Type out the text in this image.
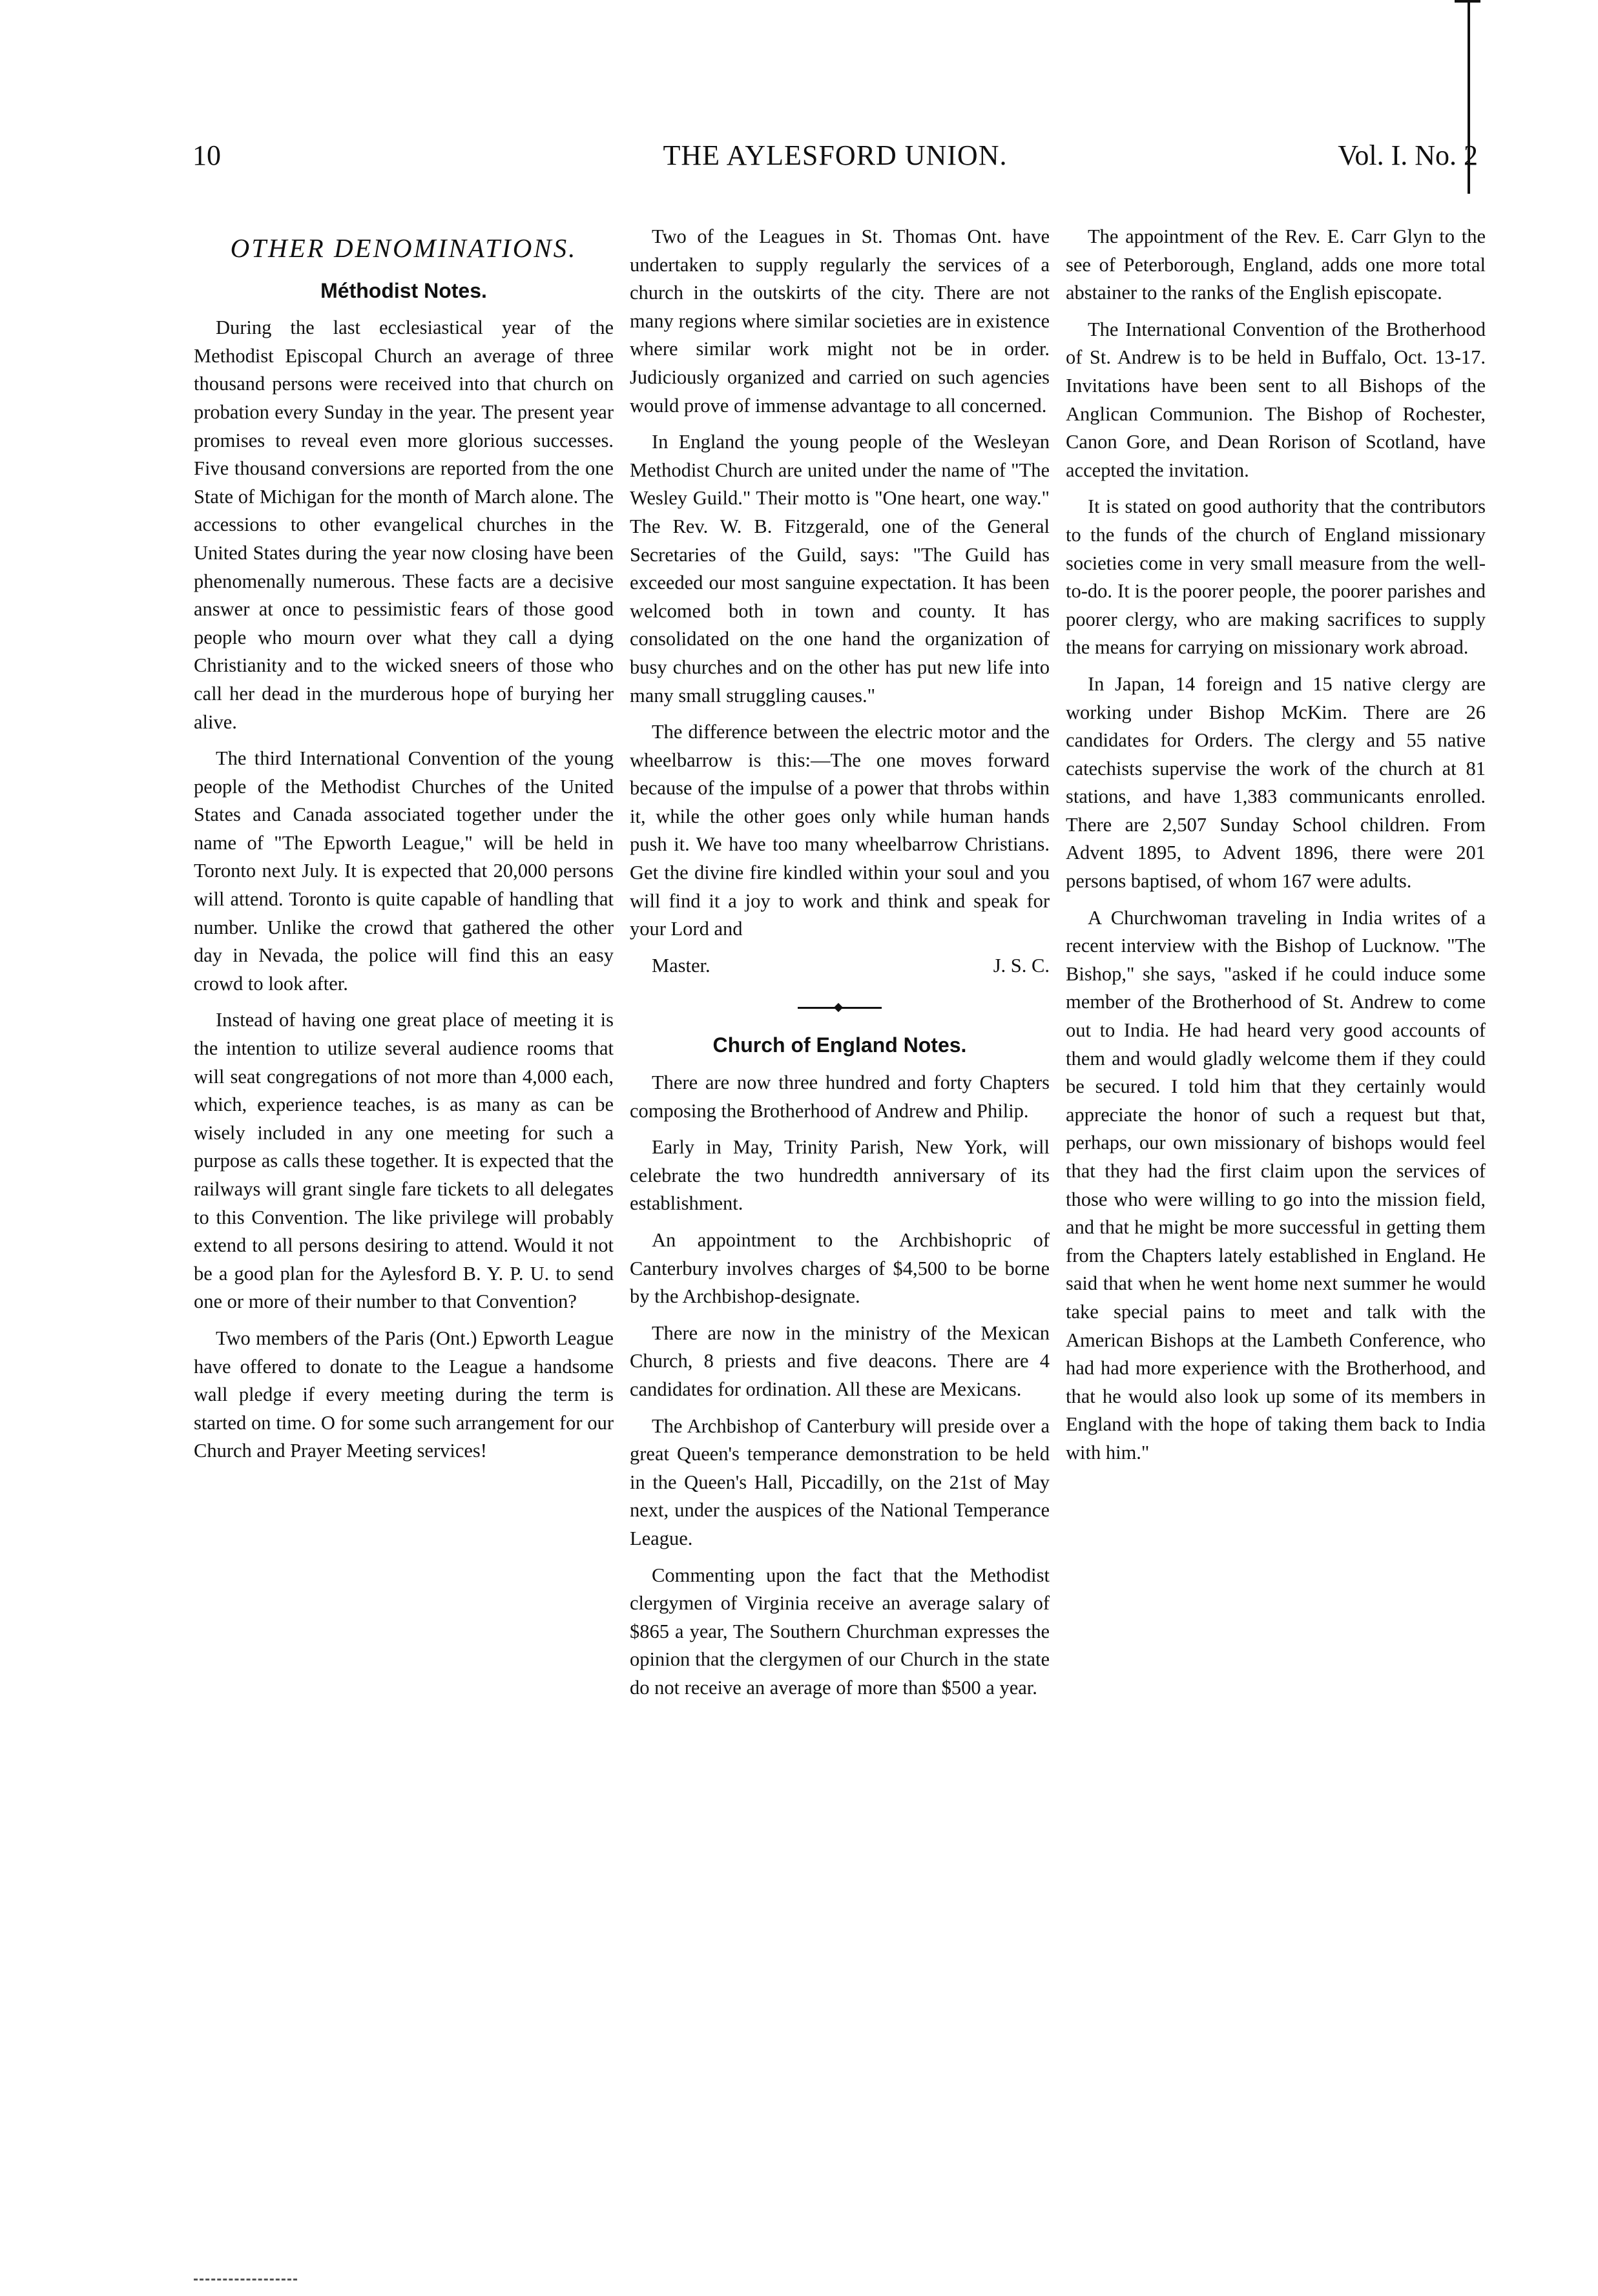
10	THE AYLESFORD UNION.	Vol. I. No. 2
OTHER DENOMINATIONS.
Méthodist Notes.

During the last ecclesiastical year of the Methodist Episcopal Church an average of three thousand persons were received into that church on probation every Sunday in the year. The present year promises to reveal even more glorious successes. Five thousand conversions are reported from the one State of Michigan for the month of March alone. The accessions to other evangelical churches in the United States during the year now closing have been phenomenally numerous. These facts are a decisive answer at once to pessimistic fears of those good people who mourn over what they call a dying Christianity and to the wicked sneers of those who call her dead in the murderous hope of burying her alive.

The third International Convention of the young people of the Methodist Churches of the United States and Canada associated together under the name of "The Epworth League," will be held in Toronto next July. It is expected that 20,000 persons will attend. Toronto is quite capable of handling that number. Unlike the crowd that gathered the other day in Nevada, the police will find this an easy crowd to look after.

Instead of having one great place of meeting it is the intention to utilize several audience rooms that will seat congregations of not more than 4,000 each, which, experience teaches, is as many as can be wisely included in any one meeting for such a purpose as calls these together. It is expected that the railways will grant single fare tickets to all delegates to this Convention. The like privilege will probably extend to all persons desiring to attend. Would it not be a good plan for the Aylesford B. Y. P. U. to send one or more of their number to that Convention?

Two members of the Paris (Ont.) Epworth League have offered to donate to the League a handsome wall pledge if every meeting during the term is started on time. O for some such arrangement for our Church and Prayer Meeting services!

Two of the Leagues in St. Thomas Ont. have undertaken to supply regularly the services of a church in the outskirts of the city. There are not many regions where similar societies are in existence where similar work might not be in order. Judiciously organized and carried on such agencies would prove of immense advantage to all concerned.

In England the young people of the Wesleyan Methodist Church are united under the name of "The Wesley Guild." Their motto is "One heart, one way." The Rev. W. B. Fitzgerald, one of the General Secretaries of the Guild, says: "The Guild has exceeded our most sanguine expectation. It has been welcomed both in town and county. It has consolidated on the one hand the organization of busy churches and on the other has put new life into many small struggling causes."

The difference between the electric motor and the wheelbarrow is this:—The one moves forward because of the impulse of a power that throbs within it, while the other goes only while human hands push it. We have too many wheelbarrow Christians. Get the divine fire kindled within your soul and you will find it a joy to work and think and speak for your Lord and

Master.	J. S. C.
Church of England Notes.

There are now three hundred and forty Chapters composing the Brotherhood of Andrew and Philip.

Early in May, Trinity Parish, New York, will celebrate the two hundredth anniversary of its establishment.

An appointment to the Archbishopric of Canterbury involves charges of $4,500 to be borne by the Archbishop-designate.

There are now in the ministry of the Mexican Church, 8 priests and five deacons. There are 4 candidates for ordination. All these are Mexicans.

The Archbishop of Canterbury will preside over a great Queen's temperance demonstration to be held in the Queen's Hall, Piccadilly, on the 21st of May next, under the auspices of the National Temperance League.

Commenting upon the fact that the Methodist clergymen of Virginia receive an average salary of $865 a year, The Southern Churchman expresses the opinion that the clergymen of our Church in the state do not receive an average of more than $500 a year.

The appointment of the Rev. E. Carr Glyn to the see of Peterborough, England, adds one more total abstainer to the ranks of the English episcopate.

The International Convention of the Brotherhood of St. Andrew is to be held in Buffalo, Oct. 13-17. Invitations have been sent to all Bishops of the Anglican Communion. The Bishop of Rochester, Canon Gore, and Dean Rorison of Scotland, have accepted the invitation.

It is stated on good authority that the contributors to the funds of the church of England missionary societies come in very small measure from the well-to-do. It is the poorer people, the poorer parishes and poorer clergy, who are making sacrifices to supply the means for carrying on missionary work abroad.

In Japan, 14 foreign and 15 native clergy are working under Bishop McKim. There are 26 candidates for Orders. The clergy and 55 native catechists supervise the work of the church at 81 stations, and have 1,383 communicants enrolled. There are 2,507 Sunday School children. From Advent 1895, to Advent 1896, there were 201 persons baptised, of whom 167 were adults.

A Churchwoman traveling in India writes of a recent interview with the Bishop of Lucknow. "The Bishop," she says, "asked if he could induce some member of the Brotherhood of St. Andrew to come out to India. He had heard very good accounts of them and would gladly welcome them if they could be secured. I told him that they certainly would appreciate the honor of such a request but that, perhaps, our own missionary of bishops would feel that they had the first claim upon the services of those who were willing to go into the mission field, and that he might be more successful in getting them from the Chapters lately established in England. He said that when he went home next summer he would take special pains to meet and talk with the American Bishops at the Lambeth Conference, who had had more experience with the Brotherhood, and that he would also look up some of its members in England with the hope of taking them back to India with him."
